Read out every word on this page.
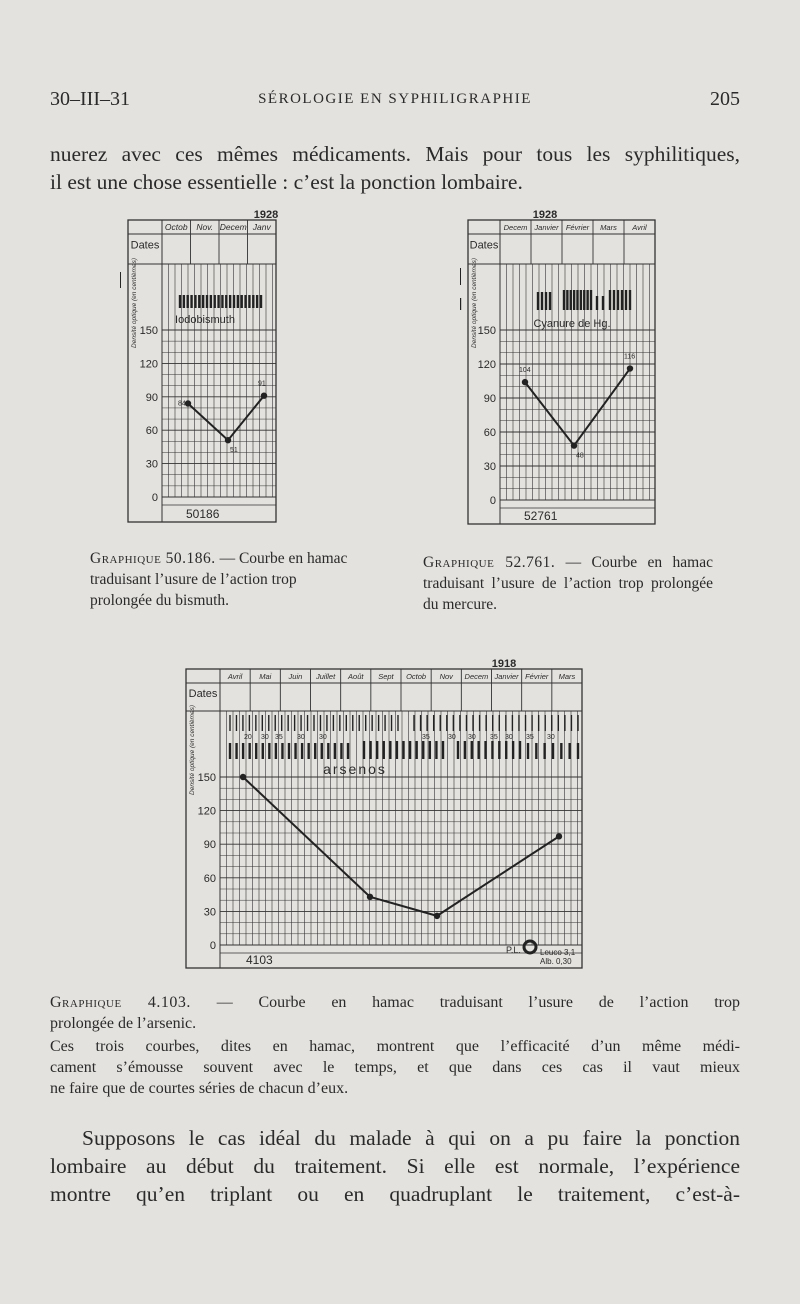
30–III–31	SÉROLOGIE EN SYPHILIGRAPHIE	205
nuerez avec ces mêmes médicaments. Mais pour tous les syphilitiques,
il est une chose essentielle : c’est la ponction lombaire.
Octob Nov. Decem Janv
1928
Dates
Densité optique (en centièmes) 150
120
90
60
30
0
Iodobismuth
84
51
91
50186
Decem Janvier Février Mars Avril
1928
Dates
Densité optique (en centièmes) 150
120
90
60
30
0
Cyanure de Hg.
104
48
116
52761
Avril Mai Juin Juillet Août Sept Octob Nov Decem Janvier Février Mars
1918
Dates
Densité optique (en centièmes) 150
120
90
60
30
0
20 30 35 30 30	35	30 30 35 30 35 30
arsenos
4103
P.L. Leuco 3,1
Alb. 0,30
Graphique 50.186. — Courbe en hamac traduisant l’usure de l’action trop prolongée du bismuth.
Graphique 52.761. — Courbe en hamac traduisant l’usure de l’action trop prolongée du mercure.
Graphique 4.103. — Courbe en hamac traduisant l’usure de l’action trop
prolongée de l’arsenic.
Ces trois courbes, dites en hamac, montrent que l’efficacité d’un même médi-
cament s’émousse souvent avec le temps, et que dans ces cas il vaut mieux
ne faire que de courtes séries de chacun d’eux.
Supposons le cas idéal du malade à qui on a pu faire la ponction
lombaire au début du traitement. Si elle est normale, l’expérience
montre qu’en triplant ou en quadruplant le traitement, c’est-à-
